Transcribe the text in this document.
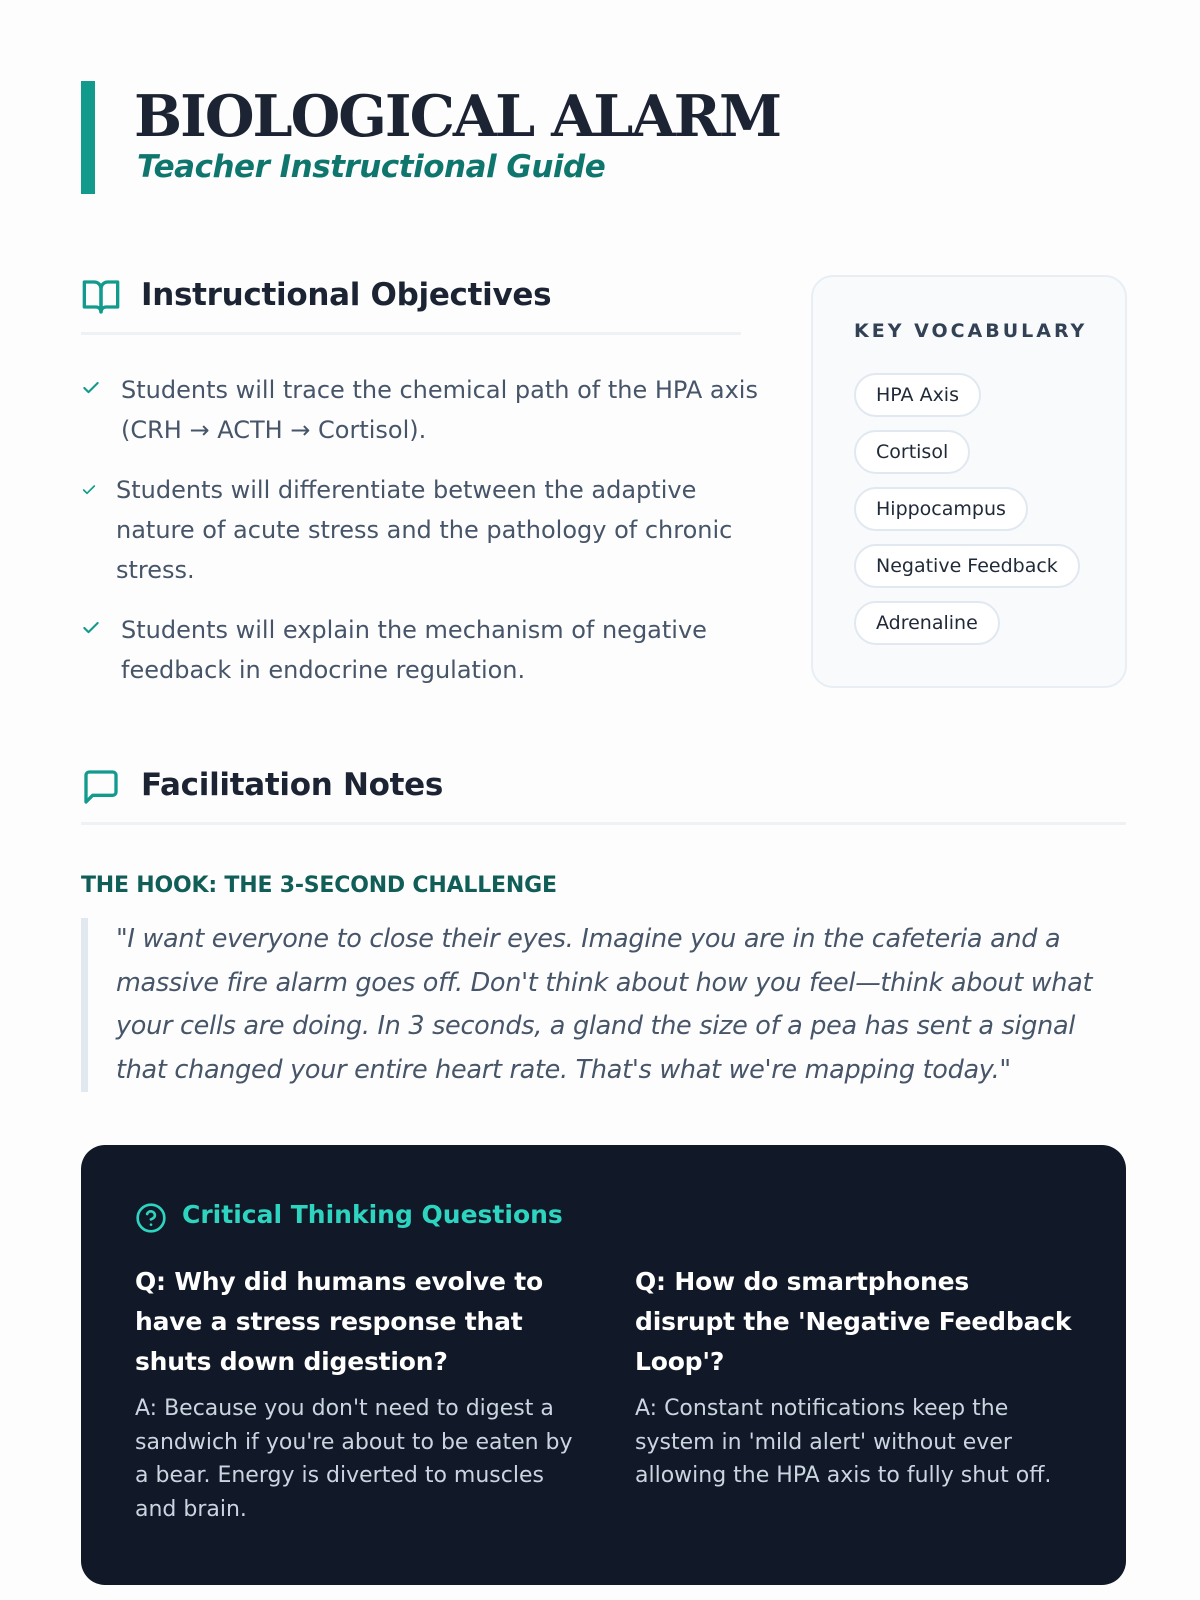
BIOLOGICAL ALARM
Teacher Instructional Guide
Instructional Objectives
Students will trace the chemical path of the HPA axis (CRH → ACTH → Cortisol).
Students will differentiate between the adaptive nature of acute stress and the pathology of chronic stress.
Students will explain the mechanism of negative feedback in endocrine regulation.
KEY VOCABULARY
HPA Axis
Cortisol
Hippocampus
Negative Feedback
Adrenaline
Facilitation Notes
THE HOOK: THE 3-SECOND CHALLENGE
"I want everyone to close their eyes. Imagine you are in the cafeteria and a massive fire alarm goes off. Don't think about how you feel—think about what your cells are doing. In 3 seconds, a gland the size of a pea has sent a signal that changed your entire heart rate. That's what we're mapping today."
Critical Thinking Questions

Q: Why did humans evolve to have a stress response that shuts down digestion?

A: Because you don't need to digest a sandwich if you're about to be eaten by a bear. Energy is diverted to muscles and brain.

Q: How do smartphones disrupt the 'Negative Feedback Loop'?

A: Constant notifications keep the system in 'mild alert' without ever allowing the HPA axis to fully shut off.
